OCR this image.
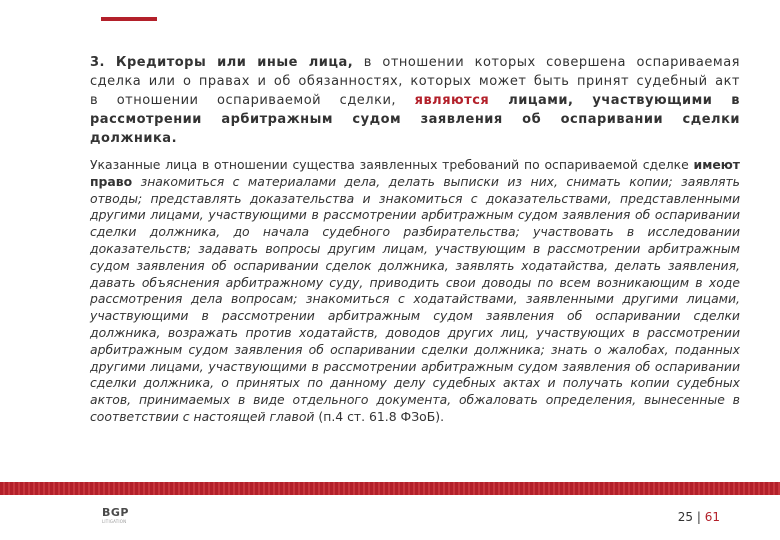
3. Кредиторы или иные лица, в отношении которых совершена оспариваемая сделка или о правах и об обязанностях, которых может быть принят судебный акт в отношении оспариваемой сделки, являются лицами, участвующими в рассмотрении арбитражным судом заявления об оспаривании сделки должника.
Указанные лица в отношении существа заявленных требований по оспариваемой сделке имеют право знакомиться с материалами дела, делать выписки из них, снимать копии; заявлять отводы; представлять доказательства и знакомиться с доказательствами, представленными другими лицами, участвующими в рассмотрении арбитражным судом заявления об оспаривании сделки должника, до начала судебного разбирательства; участвовать в исследовании доказательств; задавать вопросы другим лицам, участвующим в рассмотрении арбитражным судом заявления об оспаривании сделок должника, заявлять ходатайства, делать заявления, давать объяснения арбитражному суду, приводить свои доводы по всем возникающим в ходе рассмотрения дела вопросам; знакомиться с ходатайствами, заявленными другими лицами, участвующими в рассмотрении арбитражным судом заявления об оспаривании сделки должника, возражать против ходатайств, доводов других лиц, участвующих в рассмотрении арбитражным судом заявления об оспаривании сделки должника; знать о жалобах, поданных другими лицами, участвующими в рассмотрении арбитражным судом заявления об оспаривании сделки должника, о принятых по данному делу судебных актах и получать копии судебных актов, принимаемых в виде отдельного документа, обжаловать определения, вынесенные в соответствии с настоящей главой (п.4 ст. 61.8 ФЗоБ).
BGP
LITIGATION	25 | 61
